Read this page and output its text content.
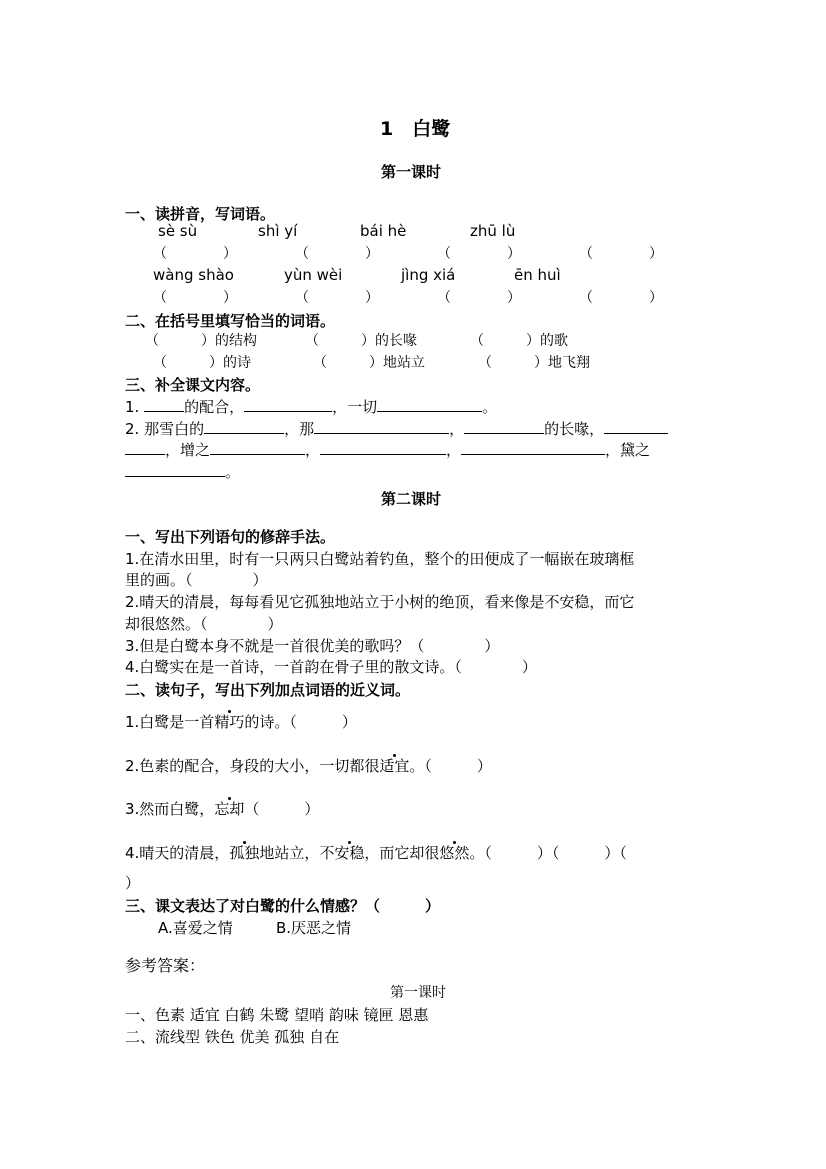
1　白鹭
第一课时
一、读拼音，写词语。
sè sù	shì yí	bái hè	zhū lù
（　　　　）	（　　　　）	（　　　　）	（　　　　）
wàng shào	yùn wèi	jìng xiá	ēn huì
（　　　　）	（　　　　）	（　　　　）	（　　　　）
二、在括号里填写恰当的词语。
（　　　）的结构	（　　　）的长喙	（　　　）的歌
（　　　）的诗	（　　　）地站立	（　　　）地飞翔
三、补全课文内容。
1.	的配合，	，一切	。
2. 那雪白的	，那	，	的长喙，
，增之	，	，	，黛之
。
第二课时
一、写出下列语句的修辞手法。
1.在清水田里，时有一只两只白鹭站着钓鱼，整个的田便成了一幅嵌在玻璃框
里的画。（　　　　）
2.晴天的清晨，每每看见它孤独地站立于小树的绝顶，看来像是不安稳，而它
却很悠然。（　　　　）
3.但是白鹭本身不就是一首很优美的歌吗？（　　　　）
4.白鹭实在是一首诗，一首韵在骨子里的散文诗。（　　　　）
二、读句子，写出下列加点词语的近义词。
1.白鹭是一首精巧的诗。（　　　）
2.色素的配合，身段的大小，一切都很适宜。（　　　）
3.然而白鹭，忘却（　　　）
4.晴天的清晨，孤独地站立，不安稳，而它却很悠然。（　　　）（　　　）（
）
三、课文表达了对白鹭的什么情感？（　　　）
A.喜爱之情	B.厌恶之情
参考答案：
第一课时
一、色素 适宜 白鹤 朱鹭 望哨 韵味 镜匣 恩惠
二、流线型 铁色 优美 孤独 自在
